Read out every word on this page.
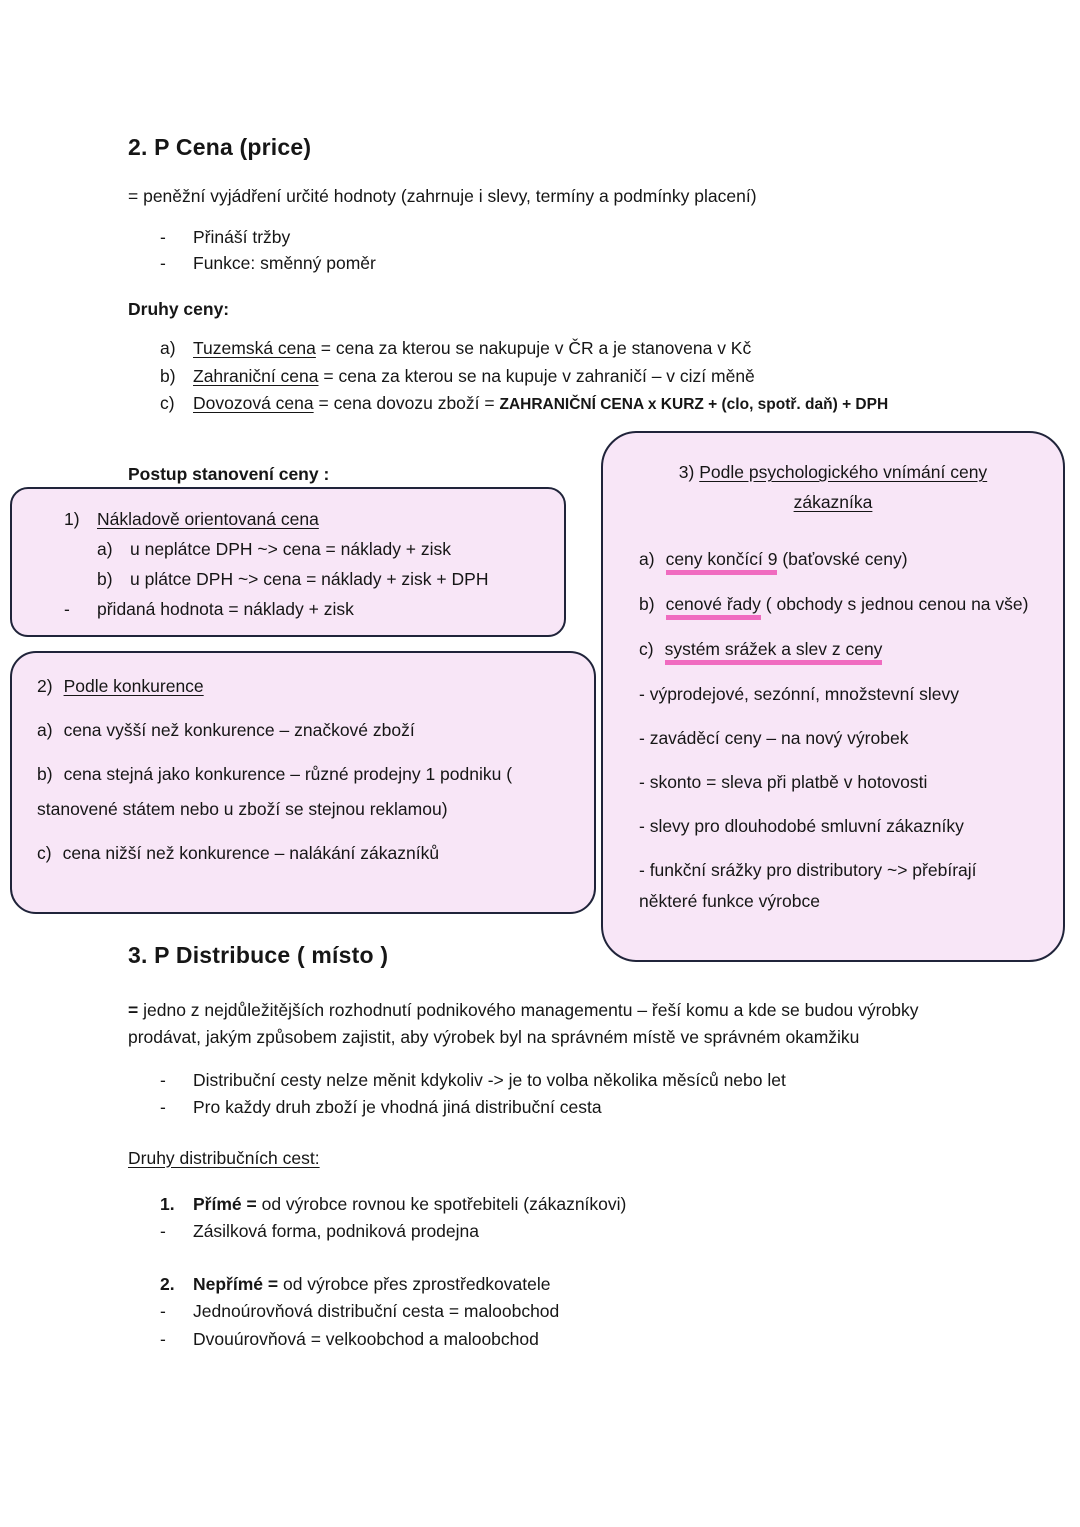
2. P Cena (price)

= peněžní vyjádření určité hodnoty (zahrnuje i slevy, termíny a podmínky placení)

-	Přináší tržby

-	Funkce: směnný poměr

Druhy ceny:

a) Tuzemská cena = cena za kterou se nakupuje v ČR a je stanovena v Kč

b) Zahraniční cena = cena za kterou se na kupuje v zahraničí – v cizí měně

c)	Dovozová cena = cena dovozu zboží = ZAHRANIČNÍ CENA x KURZ + (clo, spotř. daň) + DPH

Postup stanovení ceny :

1) Nákladově orientovaná cena

a) u neplátce DPH ~> cena = náklady + zisk

b) u plátce DPH ~> cena = náklady + zisk + DPH

-	přidaná hodnota = náklady + zisk

2) Podle konkurence

a) cena vyšší než konkurence – značkové zboží

b) cena stejná jako konkurence – různé prodejny 1 podniku ( stanovené státem nebo u zboží se stejnou reklamou)

c) cena nižší než konkurence – nalákání zákazníků

3) Podle psychologického vnímání ceny

zákazníka

a) ceny končící 9 (baťovské ceny)

b) cenové řady ( obchody s jednou cenou na vše)

c) systém srážek a slev z ceny

- výprodejové, sezónní, množstevní slevy

- zaváděcí ceny – na nový výrobek

- skonto = sleva při platbě v hotovosti

- slevy pro dlouhodobé smluvní zákazníky

- funkční srážky pro distributory ~> přebírají některé funkce výrobce

3. P Distribuce ( místo )

= jedno z nejdůležitějších rozhodnutí podnikového managementu – řeší komu a kde se budou výrobky prodávat, jakým způsobem zajistit, aby výrobek byl na správném místě ve správném okamžiku

-	Distribuční cesty nelze měnit kdykoliv -> je to volba několika měsíců nebo let

-	Pro každy druh zboží je vhodná jiná distribuční cesta

Druhy distribučních cest:

1.	Přímé = od výrobce rovnou ke spotřebiteli (zákazníkovi)

-	Zásilková forma, podniková prodejna

2.	Nepřímé = od výrobce přes zprostředkovatele

-	Jednoúrovňová distribuční cesta = maloobchod

-	Dvouúrovňová = velkoobchod a maloobchod
